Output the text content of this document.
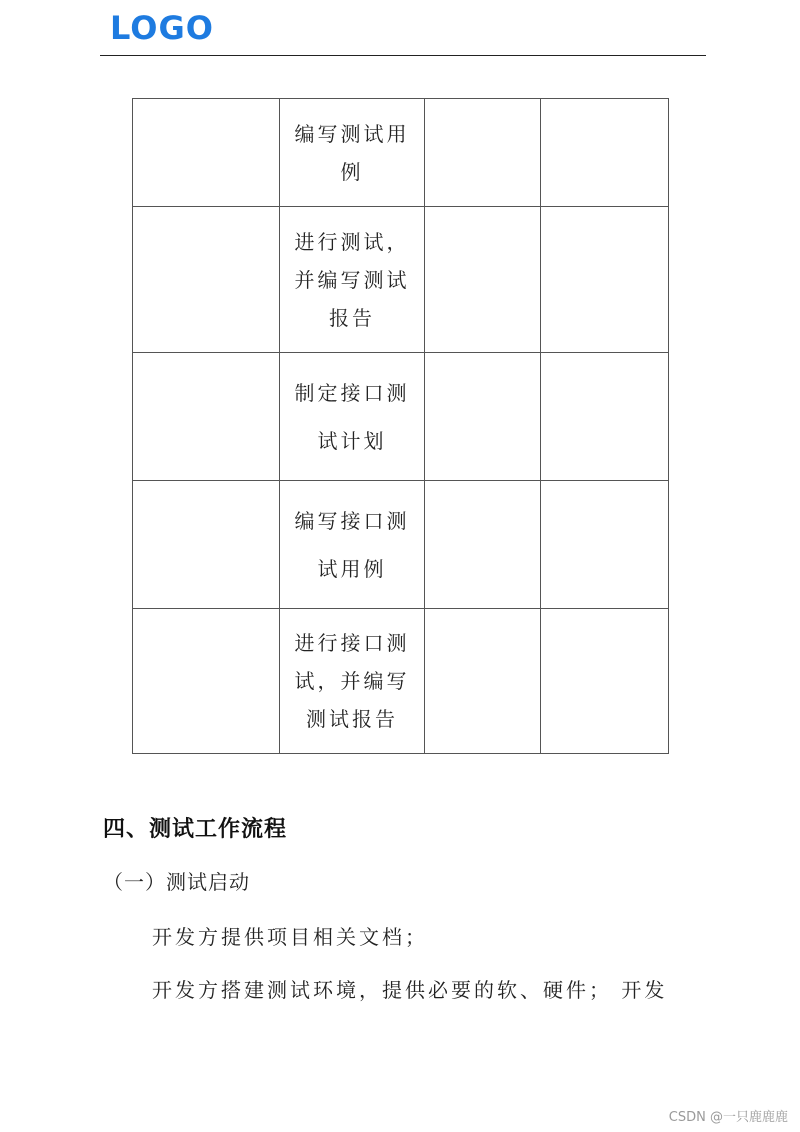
LOGO

	编写测试用例		

	进行测试，并编写测试报告		

	制定接口测试计划		

	编写接口测试用例		

	进行接口测试，并编写测试报告		

四、测试工作流程
（一）测试启动
开发方提供项目相关文档；
开发方搭建测试环境，提供必要的软、硬件； 开发
CSDN @一只鹿鹿鹿
